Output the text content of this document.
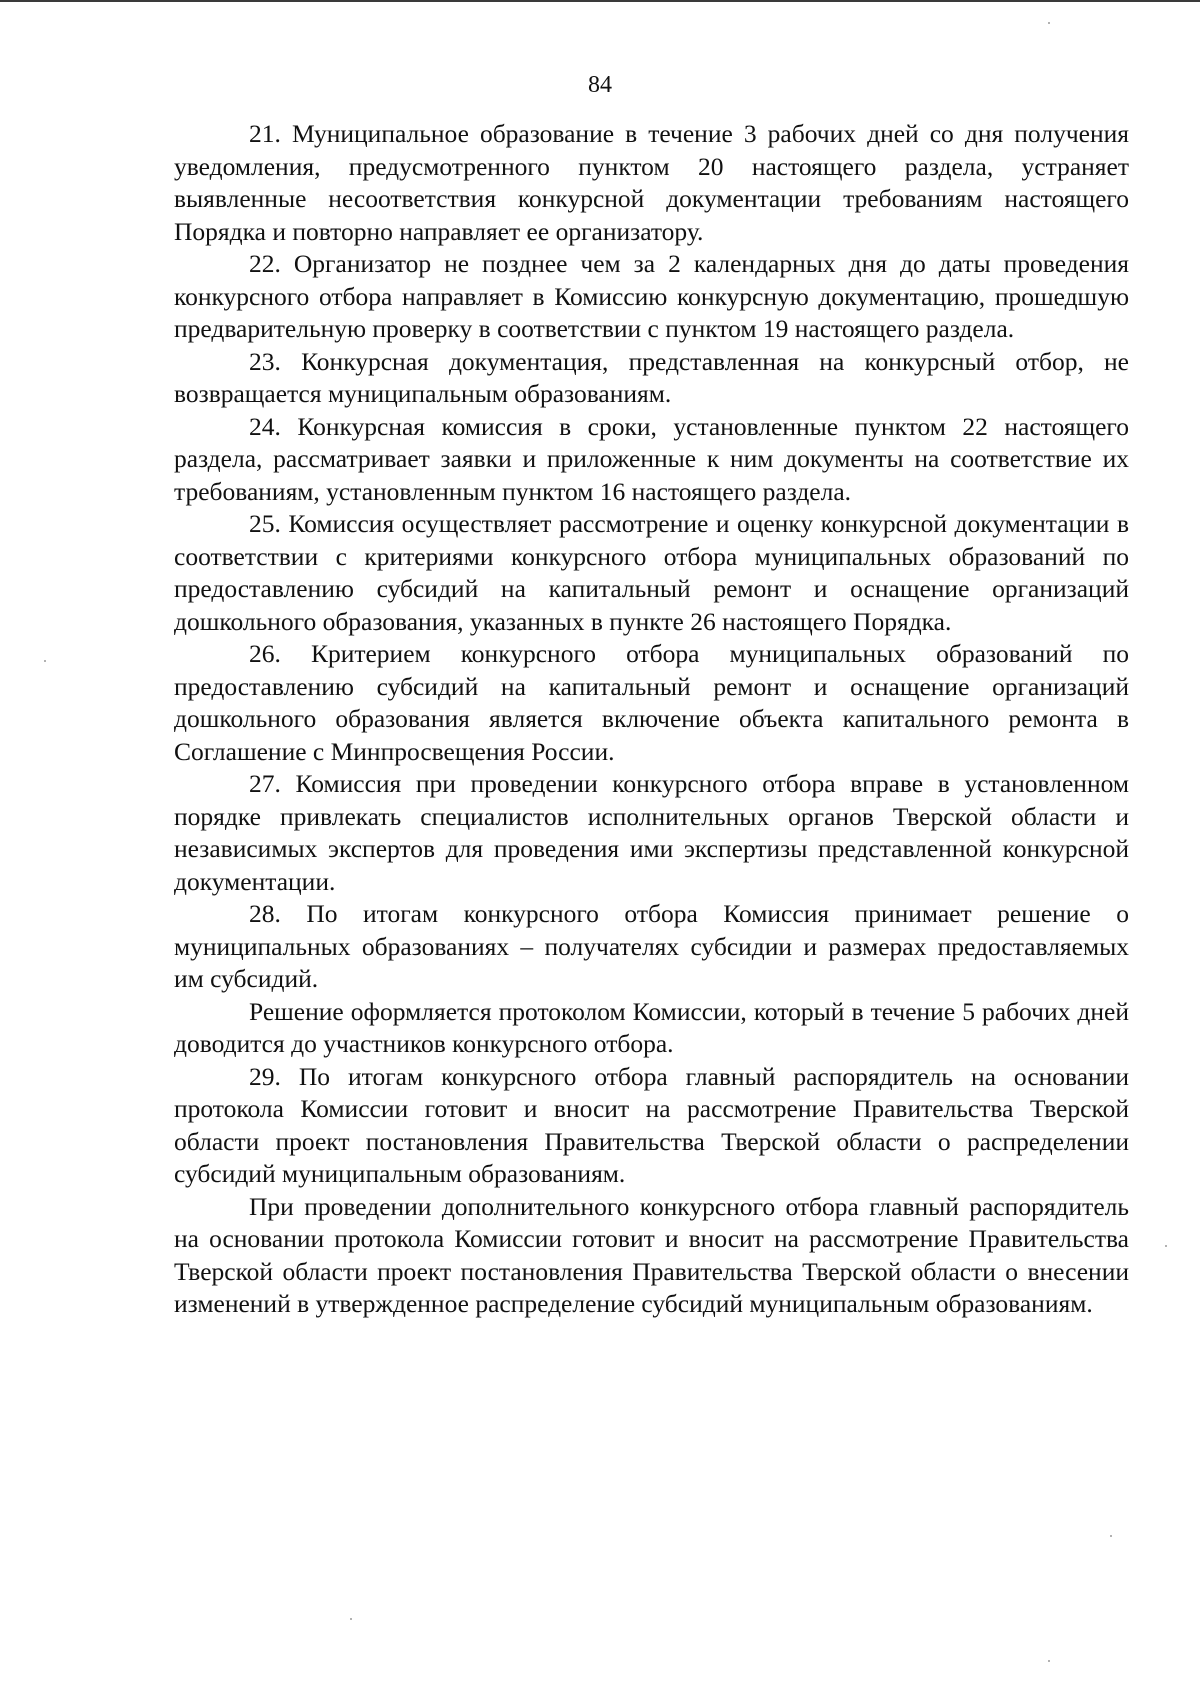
84

21. Муниципальное образование в течение 3 рабочих дней со дня получения уведомления, предусмотренного пунктом 20 настоящего раздела, устраняет выявленные несоответствия конкурсной документации требованиям настоящего Порядка и повторно направляет ее организатору.

22. Организатор не позднее чем за 2 календарных дня до даты проведения конкурсного отбора направляет в Комиссию конкурсную документацию, прошедшую предварительную проверку в соответствии с пунктом 19 настоящего раздела.

23. Конкурсная документация, представленная на конкурсный отбор, не возвращается муниципальным образованиям.

24. Конкурсная комиссия в сроки, установленные пунктом 22 настоящего раздела, рассматривает заявки и приложенные к ним документы на соответствие их требованиям, установленным пунктом 16 настоящего раздела.

25. Комиссия осуществляет рассмотрение и оценку конкурсной документации в соответствии с критериями конкурсного отбора муниципальных образований по предоставлению субсидий на капитальный ремонт и оснащение организаций дошкольного образования, указанных в пункте 26 настоящего Порядка.

26. Критерием конкурсного отбора муниципальных образований по предоставлению субсидий на капитальный ремонт и оснащение организаций дошкольного образования является включение объекта капитального ремонта в Соглашение с Минпросвещения России.

27. Комиссия при проведении конкурсного отбора вправе в установленном порядке привлекать специалистов исполнительных органов Тверской области и независимых экспертов для проведения ими экспертизы представленной конкурсной документации.

28. По итогам конкурсного отбора Комиссия принимает решение о муниципальных образованиях – получателях субсидии и размерах предоставляемых им субсидий.

Решение оформляется протоколом Комиссии, который в течение 5 рабочих дней доводится до участников конкурсного отбора.

29. По итогам конкурсного отбора главный распорядитель на основании протокола Комиссии готовит и вносит на рассмотрение Правительства Тверской области проект постановления Правительства Тверской области о распределении субсидий муниципальным образованиям.

При проведении дополнительного конкурсного отбора главный распорядитель на основании протокола Комиссии готовит и вносит на рассмотрение Правительства Тверской области проект постановления Правительства Тверской области о внесении изменений в утвержденное распределение субсидий муниципальным образованиям.
